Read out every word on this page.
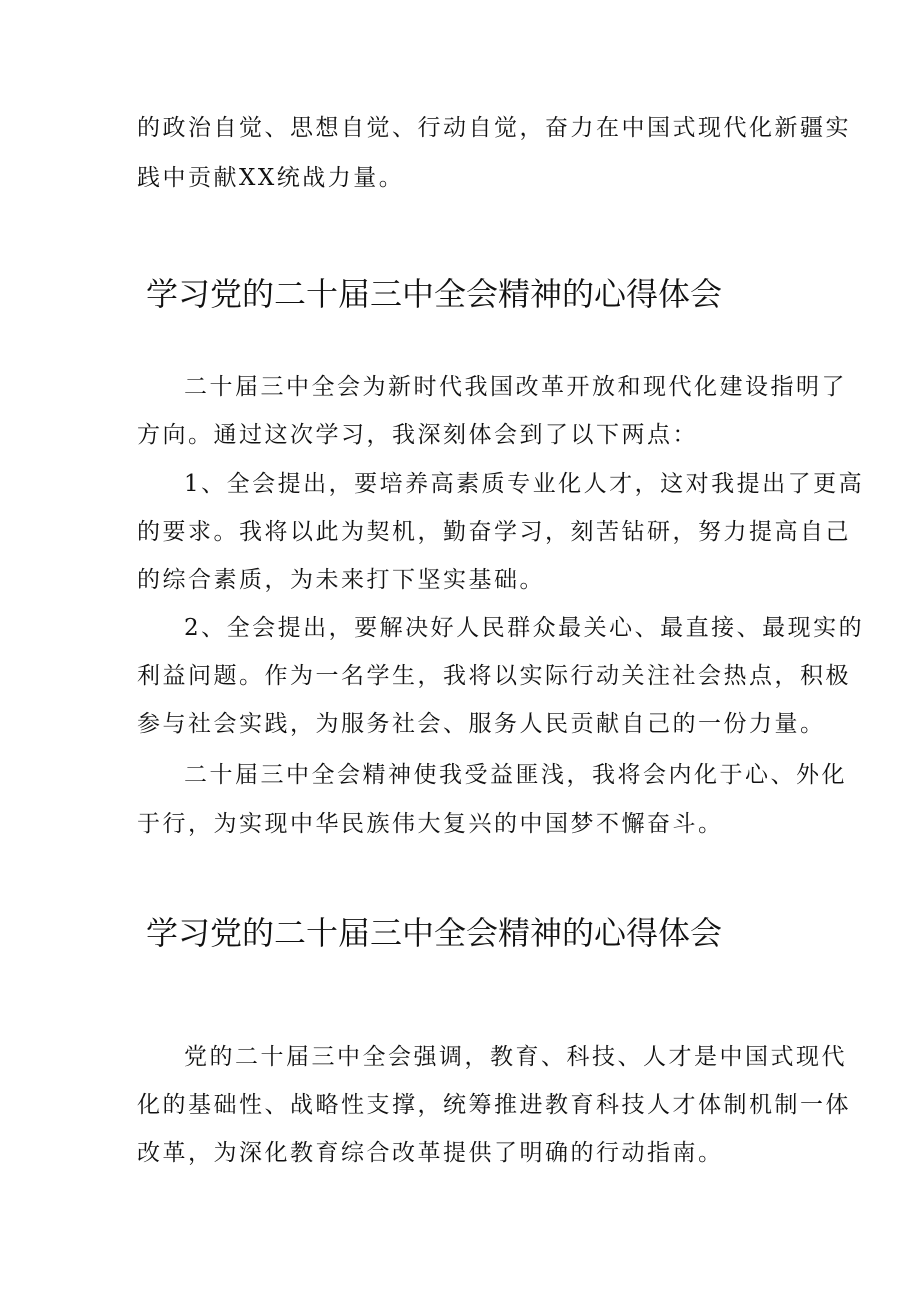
的政治自觉、思想自觉、行动自觉，奋力在中国式现代化新疆实

践中贡献XX统战力量。

学习党的二十届三中全会精神的心得体会

二十届三中全会为新时代我国改革开放和现代化建设指明了

方向。通过这次学习，我深刻体会到了以下两点：

1、全会提出，要培养高素质专业化人才，这对我提出了更高

的要求。我将以此为契机，勤奋学习，刻苦钻研，努力提高自己

的综合素质，为未来打下坚实基础。

2、全会提出，要解决好人民群众最关心、最直接、最现实的

利益问题。作为一名学生，我将以实际行动关注社会热点，积极

参与社会实践，为服务社会、服务人民贡献自己的一份力量。

二十届三中全会精神使我受益匪浅，我将会内化于心、外化

于行，为实现中华民族伟大复兴的中国梦不懈奋斗。

学习党的二十届三中全会精神的心得体会

党的二十届三中全会强调，教育、科技、人才是中国式现代

化的基础性、战略性支撑，统筹推进教育科技人才体制机制一体

改革，为深化教育综合改革提供了明确的行动指南。
